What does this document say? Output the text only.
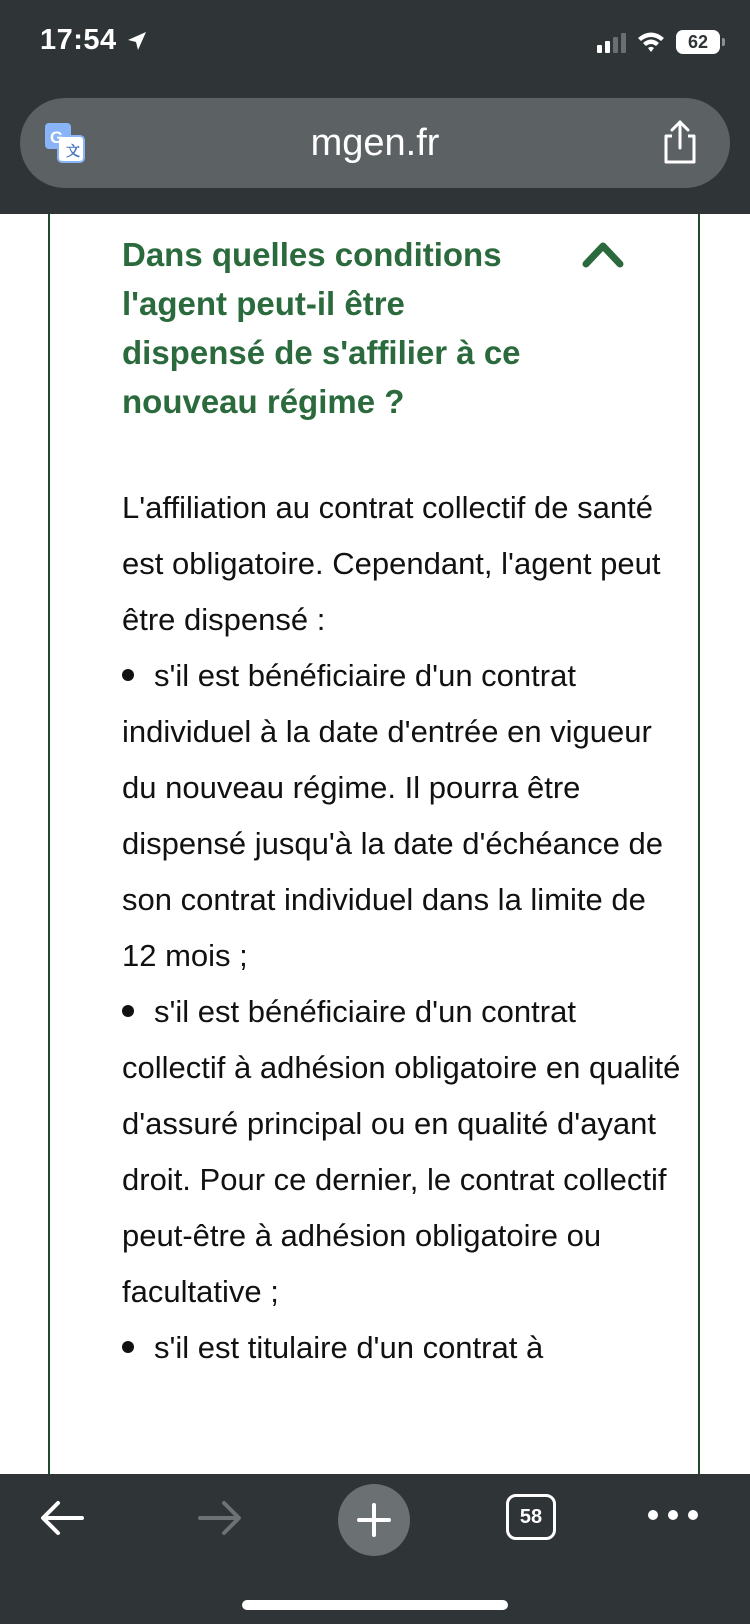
17:54	62
G
文	mgen.fr
Dans quelles conditions l'agent peut-il être dispensé de s'affilier à ce nouveau régime ?

L'affiliation au contrat collectif de santé est obligatoire. Cependant, l'agent peut être dispensé :

s'il est bénéficiaire d'un contrat individuel à la date d'entrée en vigueur du nouveau régime. Il pourra être dispensé jusqu'à la date d'échéance de son contrat individuel dans la limite de 12 mois ;

s'il est bénéficiaire d'un contrat collectif à adhésion obligatoire en qualité d'assuré principal ou en qualité d'ayant droit. Pour ce dernier, le contrat collectif peut-être à adhésion obligatoire ou facultative ;

s'il est titulaire d'un contrat à

58
